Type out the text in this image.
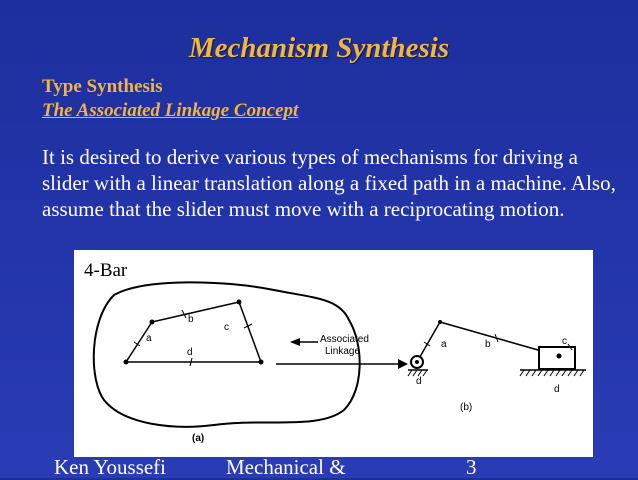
Mechanism Synthesis
Type Synthesis
The Associated Linkage Concept
It is desired to derive various types of mechanisms for driving a slider with a linear translation along a fixed path in a machine. Also, assume that the slider must move with a reciprocating motion.
a
b
c
d
Associated
Linkage
(a)
a	b	c
d
d
(b)
4-Bar
Ken Youssefi	Mechanical &	3
